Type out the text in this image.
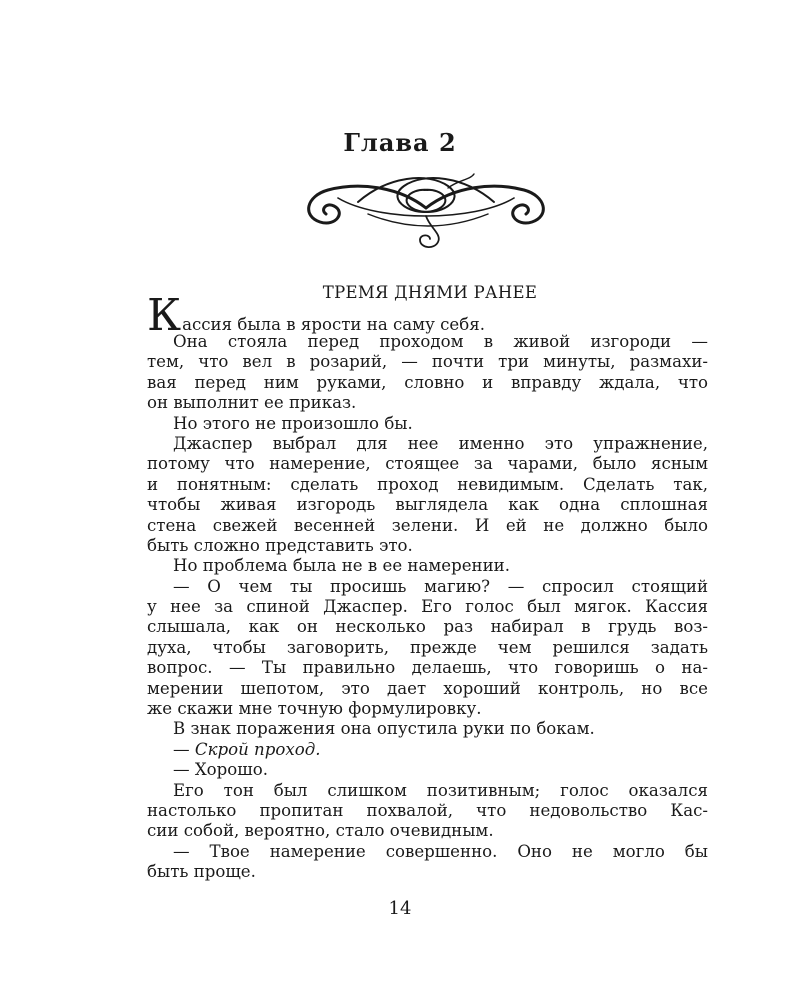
Глава 2
ТРЕМЯ ДНЯМИ РАНЕЕ
Кассия была в ярости на саму себя.
Она стояла перед проходом в живой изгороди —
тем, что вел в розарий, — почти три минуты, размахи-
вая перед ним руками, словно и вправду ждала, что
он выполнит ее приказ.
Но этого не произошло бы.
Джаспер выбрал для нее именно это упражнение,
потому что намерение, стоящее за чарами, было ясным
и понятным: сделать проход невидимым. Сделать так,
чтобы живая изгородь выглядела как одна сплошная
стена свежей весенней зелени. И ей не должно было
быть сложно представить это.
Но проблема была не в ее намерении.
— О чем ты просишь магию? — спросил стоящий
у нее за спиной Джаспер. Его голос был мягок. Кассия
слышала, как он несколько раз набирал в грудь воз-
духа, чтобы заговорить, прежде чем решился задать
вопрос. — Ты правильно делаешь, что говоришь о на-
мерении шепотом, это дает хороший контроль, но все
же скажи мне точную формулировку.
В знак поражения она опустила руки по бокам.
— Скрой проход.
— Хорошо.
Его тон был слишком позитивным; голос оказался
настолько пропитан похвалой, что недовольство Кас-
сии собой, вероятно, стало очевидным.
— Твое намерение совершенно. Оно не могло бы
быть проще.
14
